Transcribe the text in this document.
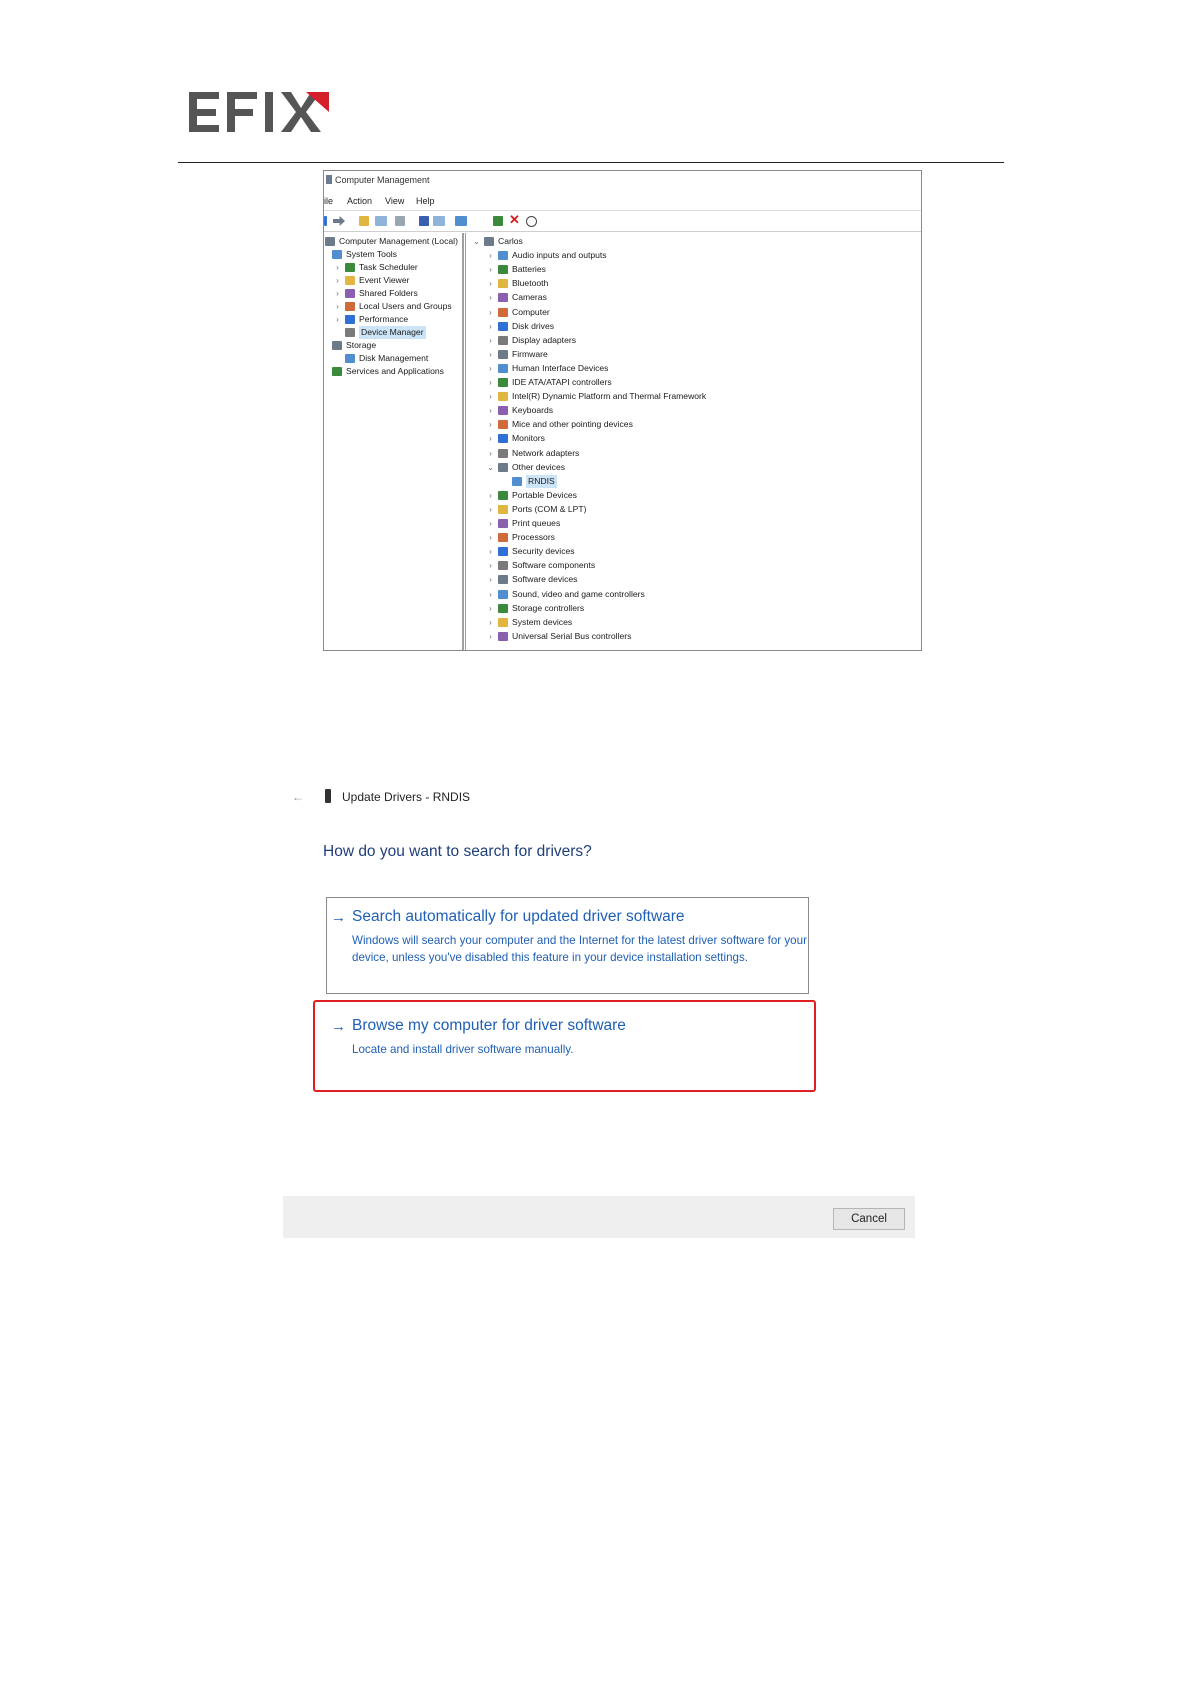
Computer Management
ile Action View Help
✕
Computer Management (Local)
System Tools
› Task Scheduler
› Event Viewer
› Shared Folders
› Local Users and Groups
› Performance
Device Manager
Storage
Disk Management
Services and Applications
⌄ Carlos
› Audio inputs and outputs
› Batteries
› Bluetooth
› Cameras
› Computer
› Disk drives
› Display adapters
› Firmware
› Human Interface Devices
› IDE ATA/ATAPI controllers
› Intel(R) Dynamic Platform and Thermal Framework
› Keyboards
› Mice and other pointing devices
› Monitors
› Network adapters
⌄ Other devices
RNDIS
› Portable Devices
› Ports (COM & LPT)
› Print queues
› Processors
› Security devices
› Software components
› Software devices
› Sound, video and game controllers
› Storage controllers
› System devices
› Universal Serial Bus controllers
←	Update Drivers - RNDIS
How do you want to search for drivers?
→ Search automatically for updated driver software
Windows will search your computer and the Internet for the latest driver software for your device, unless you've disabled this feature in your device installation settings.
→ Browse my computer for driver software
Locate and install driver software manually.
Cancel
